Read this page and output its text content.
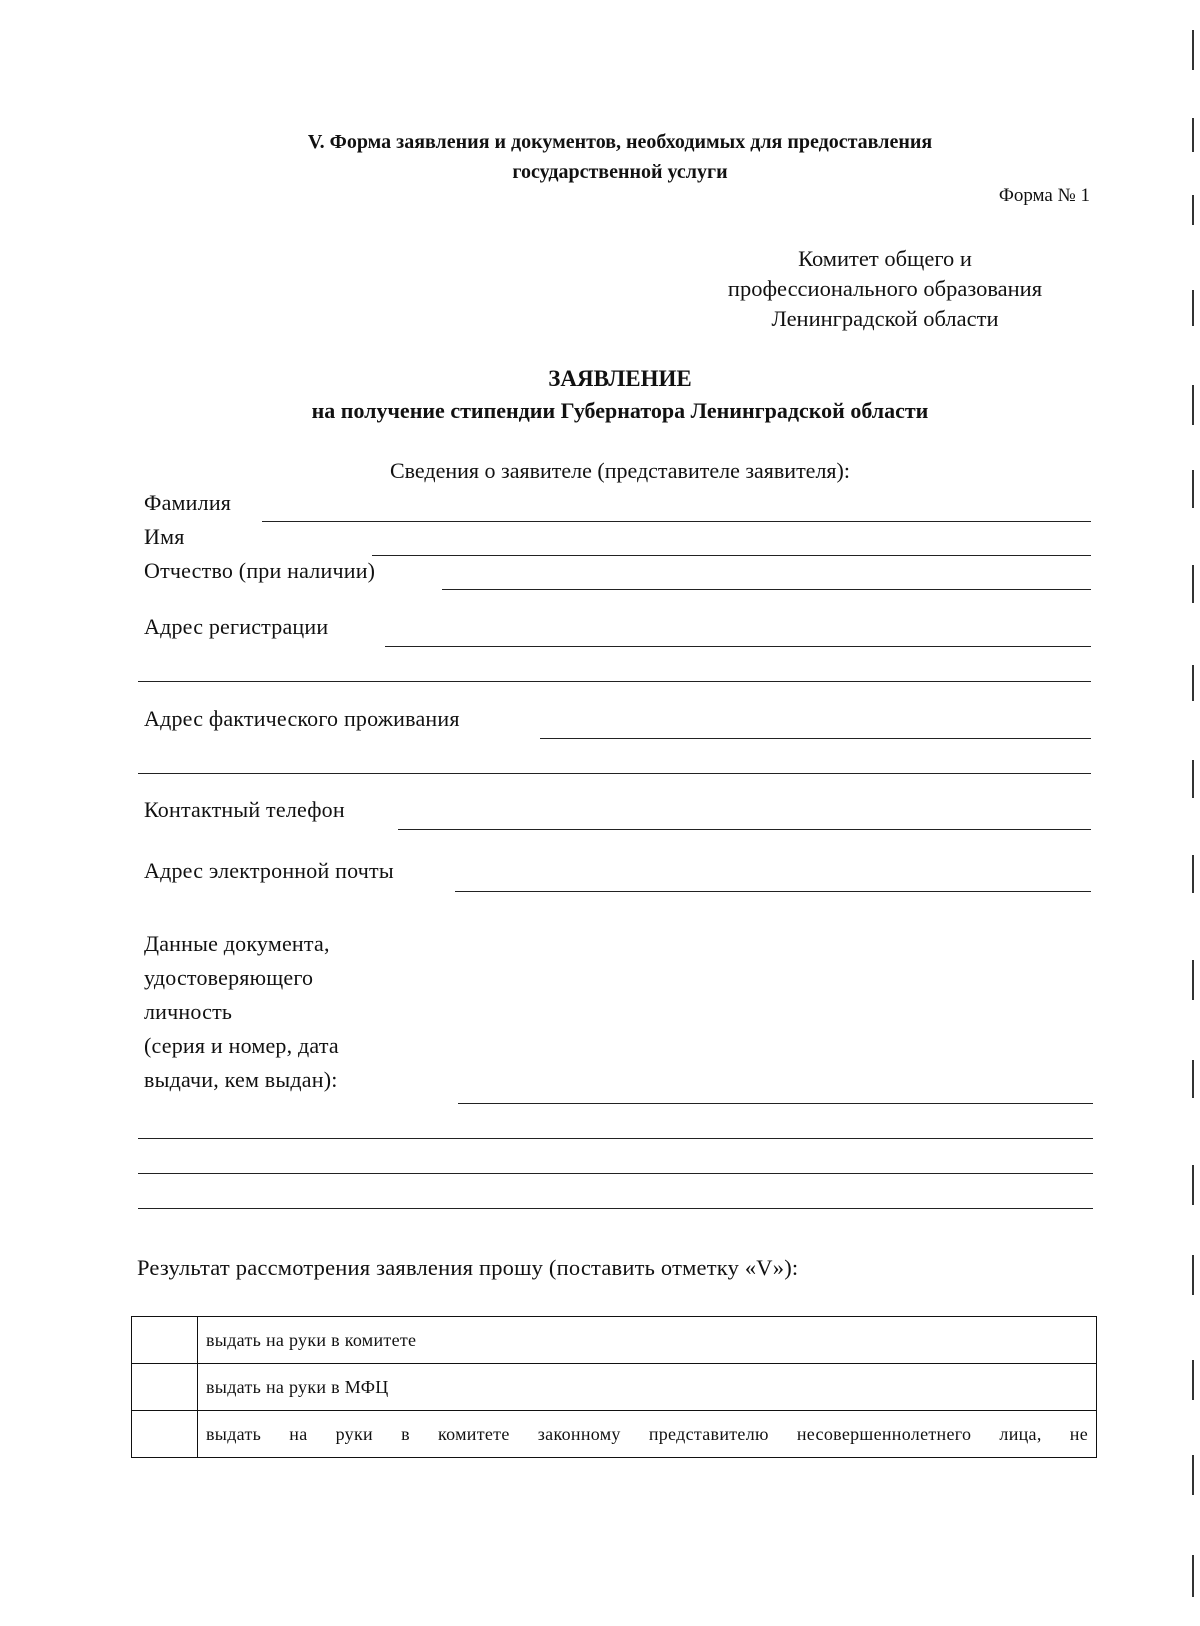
V. Форма заявления и документов, необходимых для предоставления
государственной услуги
Форма № 1
Комитет общего и
профессионального образования
Ленинградской области
ЗАЯВЛЕНИЕ
на получение стипендии Губернатора Ленинградской области
Сведения о заявителе (представителе заявителя):
Фамилия
Имя
Отчество (при наличии)
Адрес регистрации
Адрес фактического проживания
Контактный телефон
Адрес электронной почты
Данные документа,
удостоверяющего
личность
(серия и номер, дата
выдачи, кем выдан):
Результат рассмотрения заявления прошу (поставить отметку «V»):
	выдать на руки в комитете
	выдать на руки в МФЦ
	выдать на руки в комитете законному представителю несовершеннолетнего лица, не
